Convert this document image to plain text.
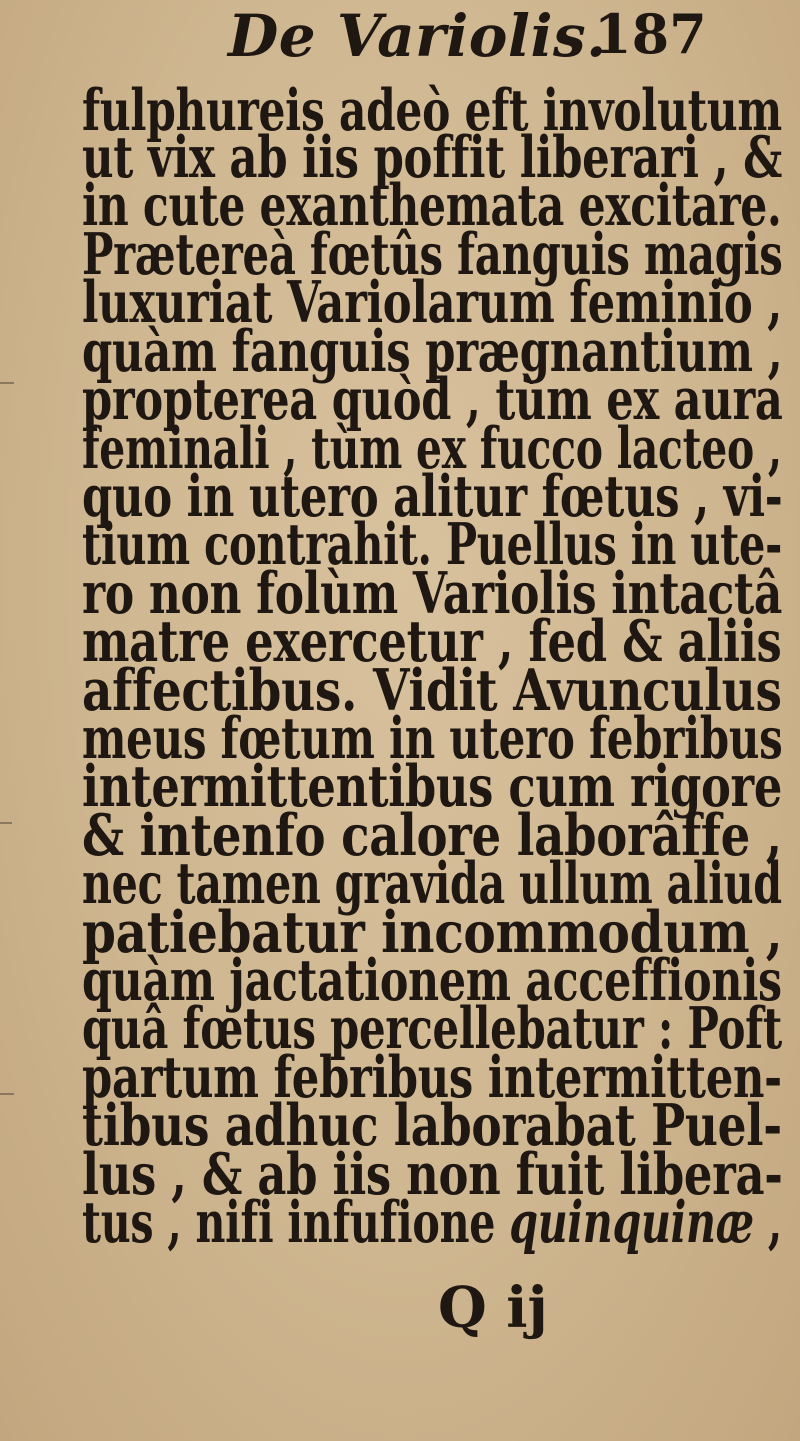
De Variolis.
187
fulphureis adeò eft involutum
ut vix ab iis poffit liberari , &
in cute exanthemata excitare.
Prætereà fœtûs fanguis magis
luxuriat Variolarum feminio ,
quàm fanguis prægnantium ,
propterea quòd , tùm ex aura
feminali , tùm ex fucco lacteo ,
quo in utero alitur fœtus , vi-
tium contrahit. Puellus in ute-
ro non folùm Variolis intactâ
matre exercetur , fed & aliis
affectibus. Vidit Avunculus
meus fœtum in utero febribus
intermittentibus cum rigore
& intenfo calore laborâffe ,
nec tamen gravida ullum aliud
patiebatur incommodum ,
quàm jactationem acceffionis
quâ fœtus percellebatur : Poft
partum febribus intermitten-
tibus adhuc laborabat Puel-
lus , & ab iis non fuit libera-
tus , nifi infufione quinquinæ ,
Q ij
